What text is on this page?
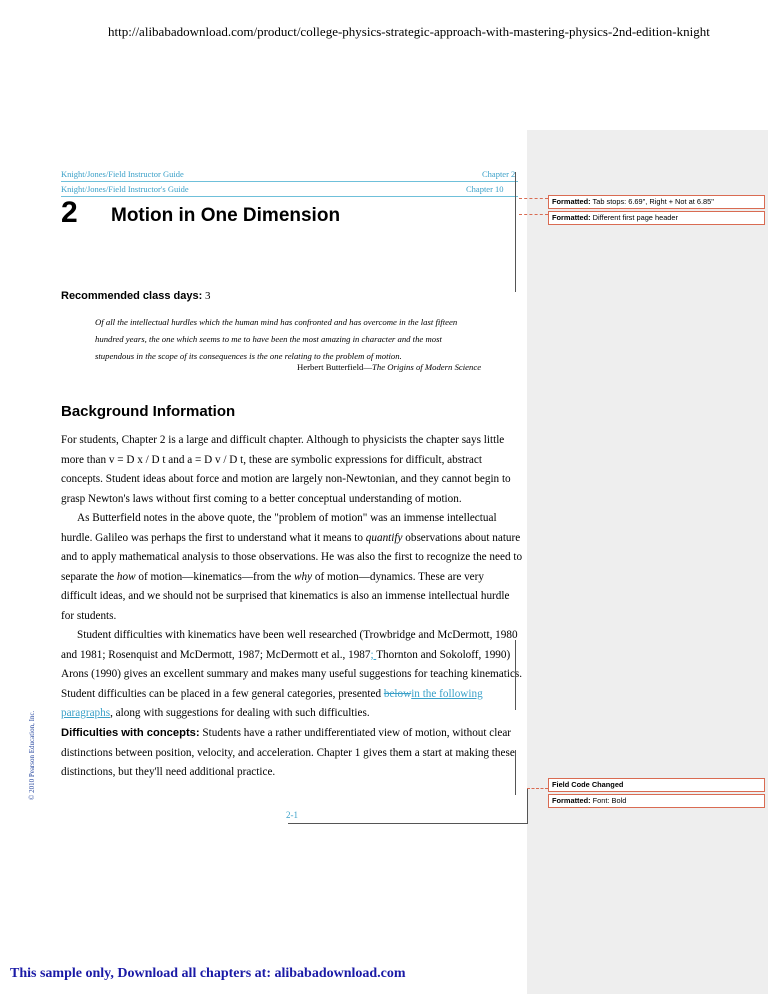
http://alibabadownload.com/product/college-physics-strategic-approach-with-mastering-physics-2nd-edition-knight
Knight/Jones/Field Instructor Guide	Chapter 2
Knight/Jones/Field Instructor's Guide	Chapter 10
2 Motion in One Dimension
Recommended class days: 3
Of all the intellectual hurdles which the human mind has confronted and has overcome in the last fifteen
hundred years, the one which seems to me to have been the most amazing in character and the most
stupendous in the scope of its consequences is the one relating to the problem of motion.
Herbert Butterfield—The Origins of Modern Science
Background Information
For students, Chapter 2 is a large and difficult chapter. Although to physicists the chapter says little
more than v = D x / D t and a = D v / D t, these are symbolic expressions for difficult, abstract
concepts. Student ideas about force and motion are largely non-Newtonian, and they cannot begin to
grasp Newton's laws without first coming to a better conceptual understanding of motion.
As Butterfield notes in the above quote, the "problem of motion" was an immense intellectual
hurdle. Galileo was perhaps the first to understand what it means to quantify observations about nature
and to apply mathematical analysis to those observations. He was also the first to recognize the need to
separate the how of motion—kinematics—from the why of motion—dynamics. These are very
difficult ideas, and we should not be surprised that kinematics is also an immense intellectual hurdle
for students.
Student difficulties with kinematics have been well researched (Trowbridge and McDermott, 1980
and 1981; Rosenquist and McDermott, 1987; McDermott et al., 1987; Thornton and Sokoloff, 1990)
Arons (1990) gives an excellent summary and makes many useful suggestions for teaching kinematics.
Student difficulties can be placed in a few general categories, presented belowin the following
paragraphs, along with suggestions for dealing with such difficulties.
Difficulties with concepts: Students have a rather undifferentiated view of motion, without clear
distinctions between position, velocity, and acceleration. Chapter 1 gives them a start at making these
distinctions, but they'll need additional practice.
2-1
Formatted: Tab stops: 6.69", Right + Not at 6.85"
Formatted: Different first page header
Field Code Changed
Formatted: Font: Bold
© 2010 Pearson Education, Inc.
This sample only, Download all chapters at: alibabadownload.com
